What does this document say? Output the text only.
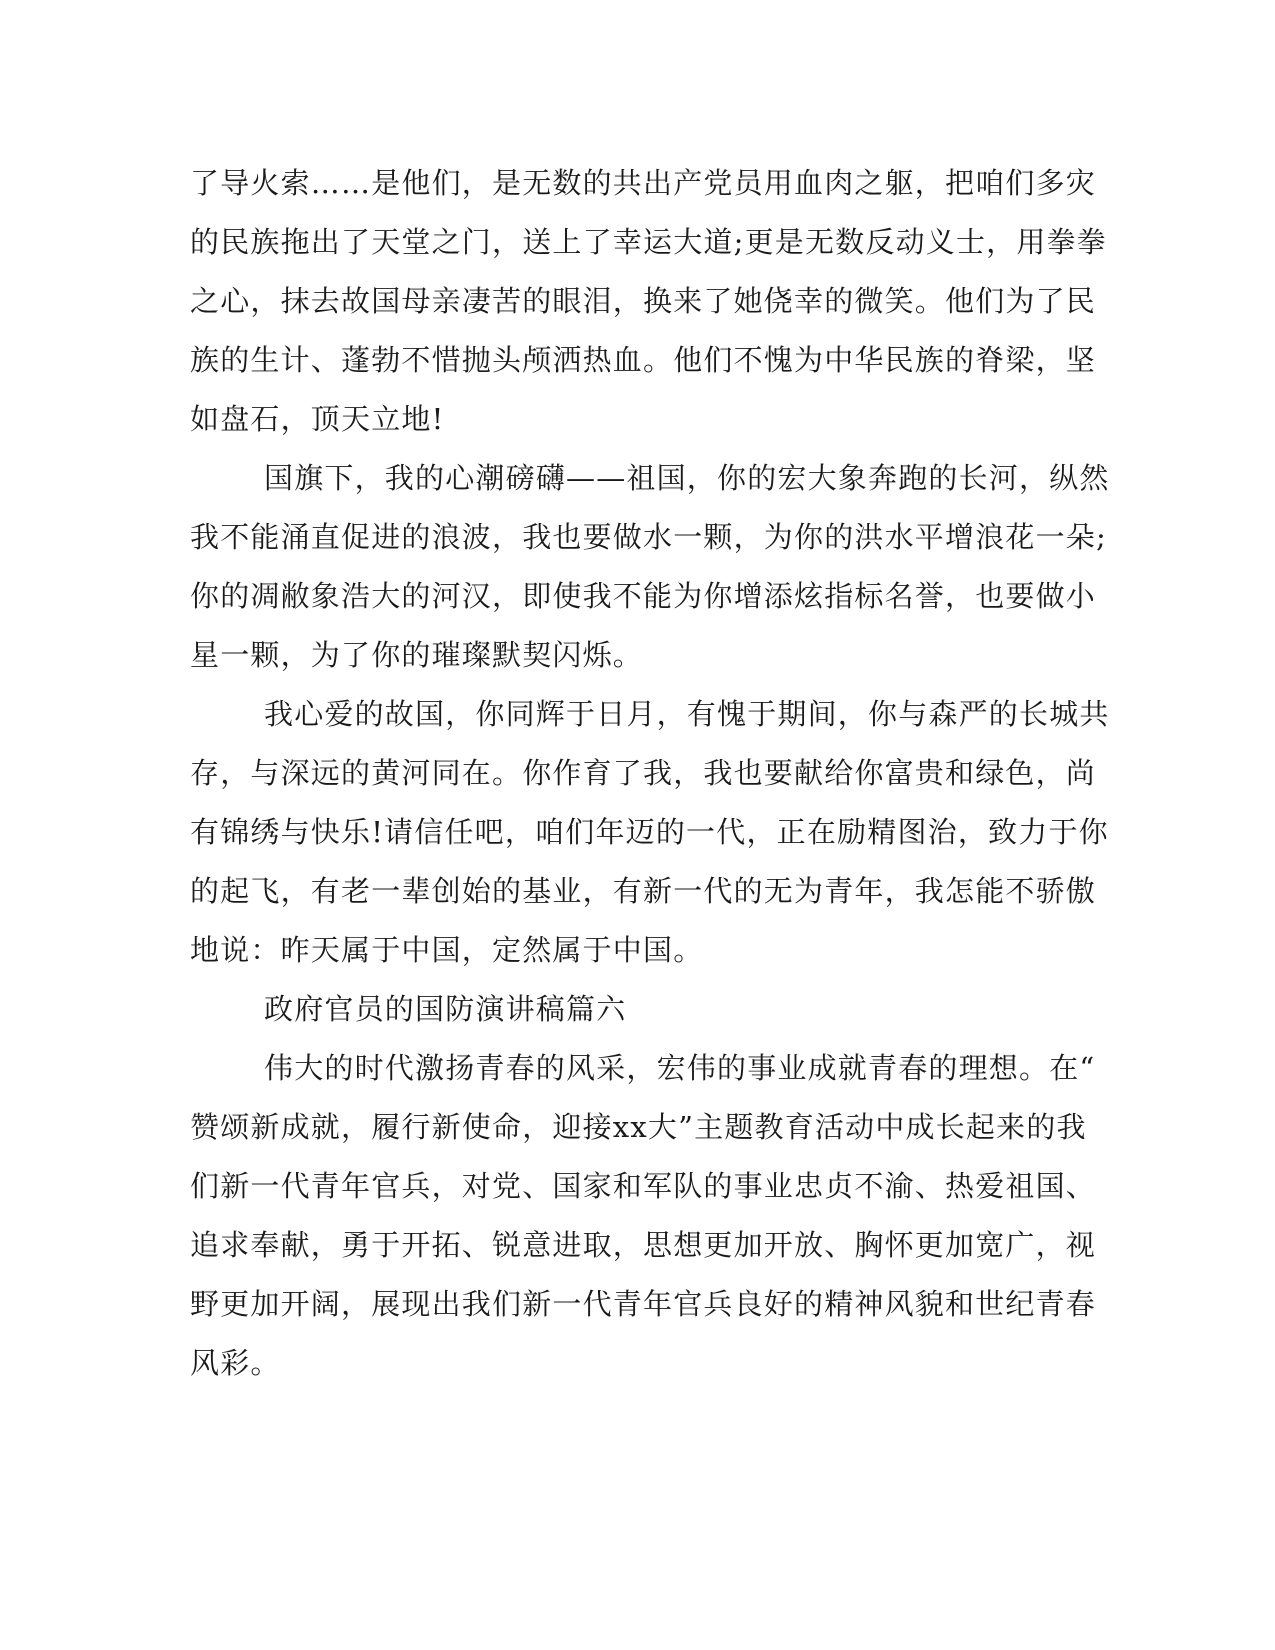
了导火索……是他们，是无数的共出产党员用血肉之躯，把咱们多灾

的民族拖出了天堂之门，送上了幸运大道;更是无数反动义士，用拳拳

之心，抹去故国母亲凄苦的眼泪，换来了她侥幸的微笑。他们为了民

族的生计、蓬勃不惜抛头颅洒热血。他们不愧为中华民族的脊梁，坚

如盘石，顶天立地!

国旗下，我的心潮磅礴——祖国，你的宏大象奔跑的长河，纵然

我不能涌直促进的浪波，我也要做水一颗，为你的洪水平增浪花一朵;

你的凋敝象浩大的河汉，即使我不能为你增添炫指标名誉，也要做小

星一颗，为了你的璀璨默契闪烁。

我心爱的故国，你同辉于日月，有愧于期间，你与森严的长城共

存，与深远的黄河同在。你作育了我，我也要献给你富贵和绿色，尚

有锦绣与快乐!请信任吧，咱们年迈的一代，正在励精图治，致力于你

的起飞，有老一辈创始的基业，有新一代的无为青年，我怎能不骄傲

地说：昨天属于中国，定然属于中国。

政府官员的国防演讲稿篇六

伟大的时代激扬青春的风采，宏伟的事业成就青春的理想。在“

赞颂新成就，履行新使命，迎接xx大”主题教育活动中成长起来的我

们新一代青年官兵，对党、国家和军队的事业忠贞不渝、热爱祖国、

追求奉献，勇于开拓、锐意进取，思想更加开放、胸怀更加宽广，视

野更加开阔，展现出我们新一代青年官兵良好的精神风貌和世纪青春

风彩。
